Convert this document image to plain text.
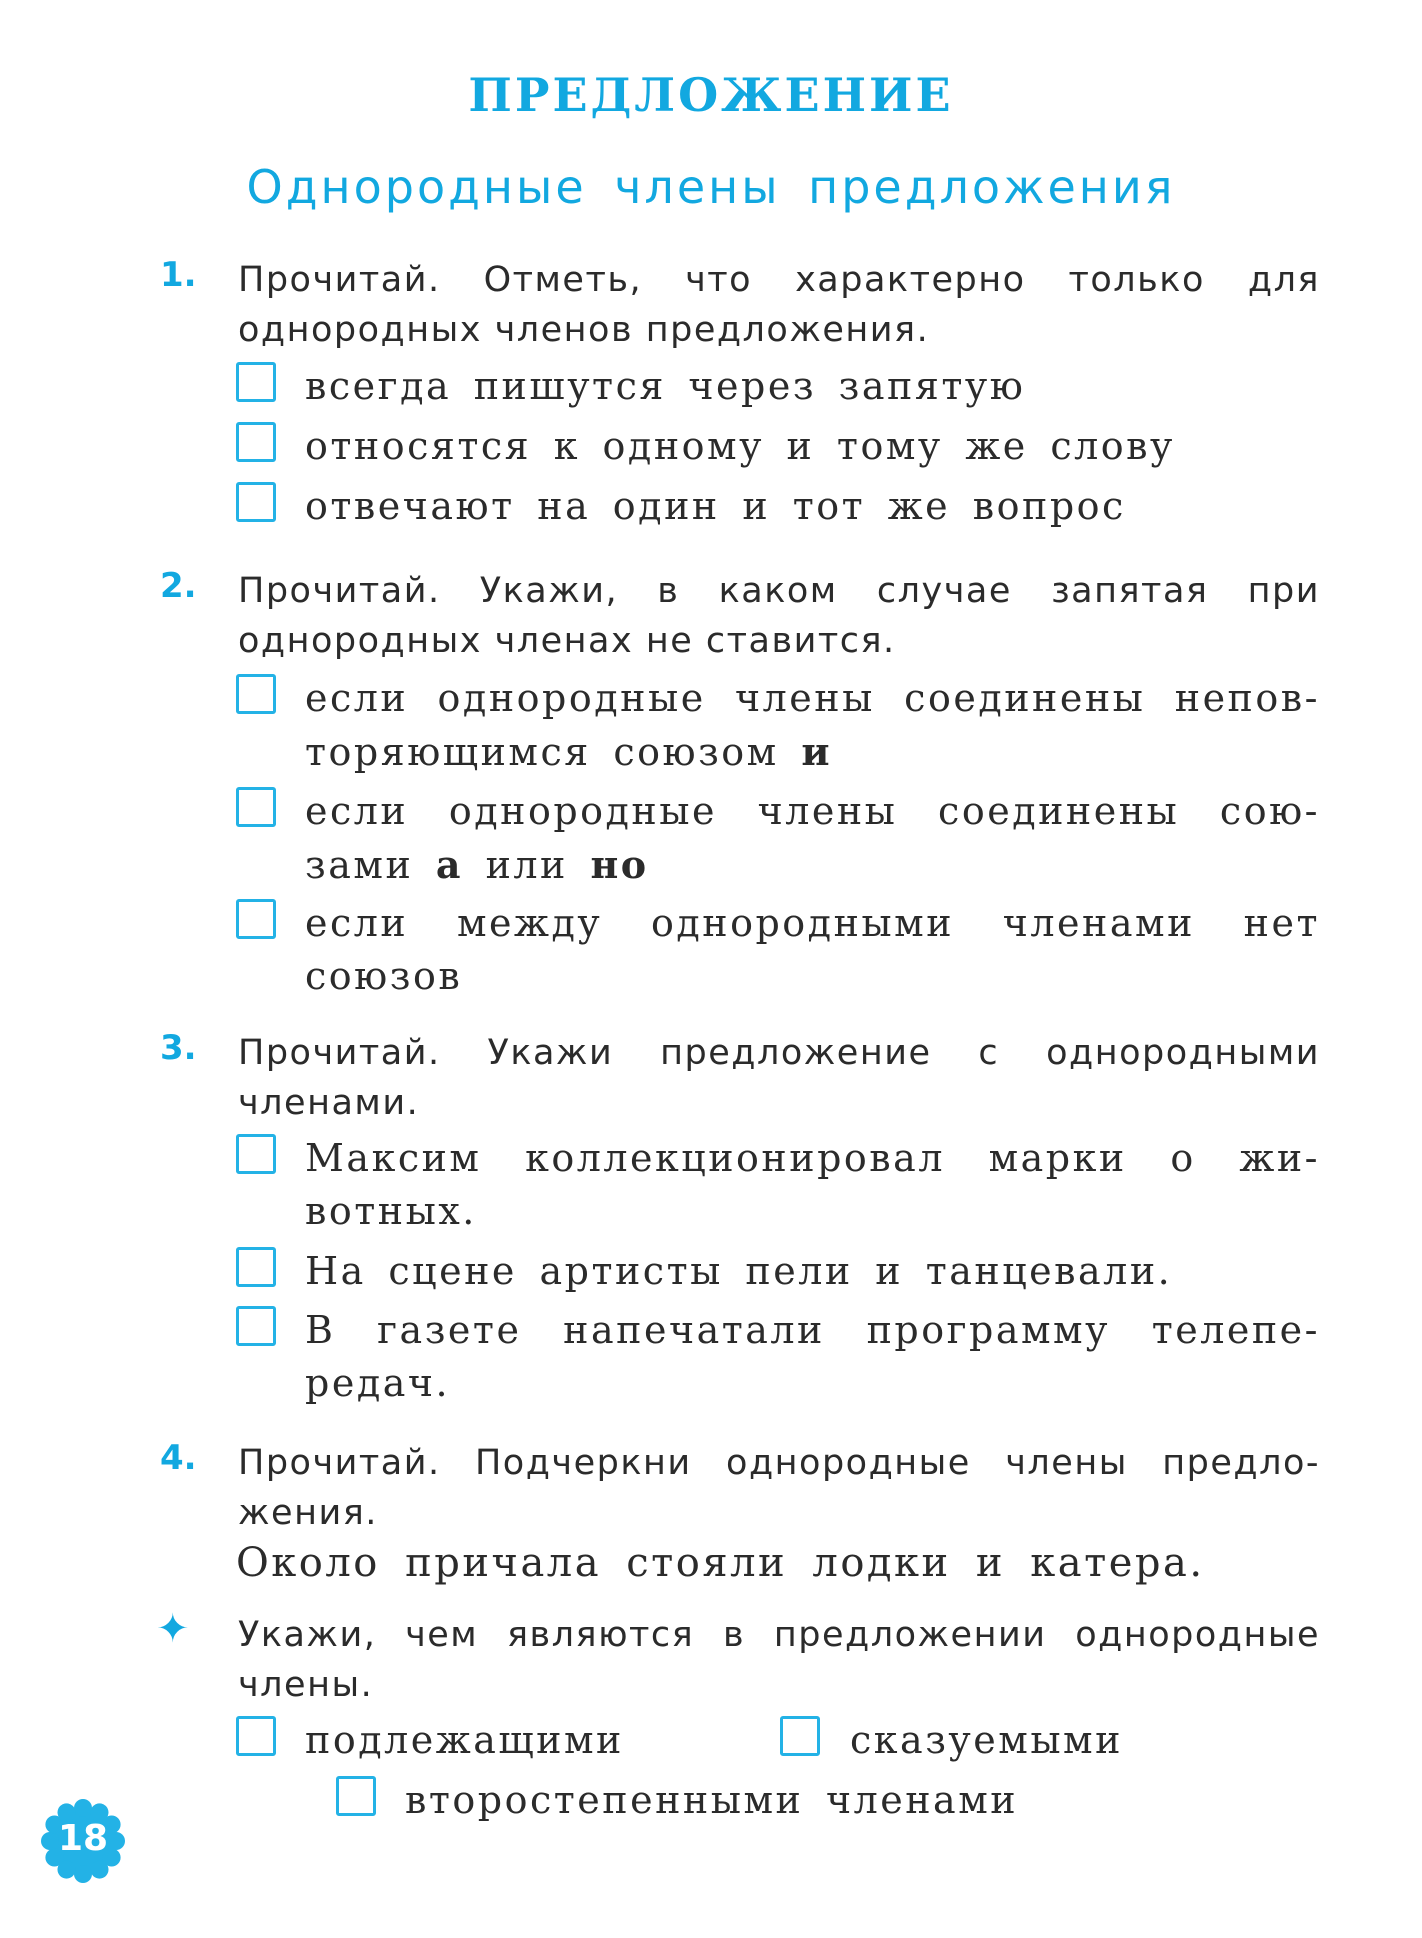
ПРЕДЛОЖЕНИЕ
Однородные члены предложения
1. Прочитай. Отметь, что характерно только для однородных членов предложения.
всегда пишутся через запятую
относятся к одному и тому же слову
отвечают на один и тот же вопрос
2. Прочитай. Укажи, в каком случае запятая при однородных членах не ставится.
если однородные члены соединены непов-торяющимся союзом и
если однородные члены соединены сою-зами а или но
если между однородными членами нет союзов
3. Прочитай. Укажи предложение с однородными членами.
Максим коллекционировал марки о жи-вотных.
На сцене артисты пели и танцевали.
В газете напечатали программу телепе-редач.
4. Прочитай. Подчеркни однородные члены предло-жения.
Около причала стояли лодки и катера.
✦ Укажи, чем являются в предложении однородные члены.
подлежащими	сказуемыми
второстепенными членами
18
